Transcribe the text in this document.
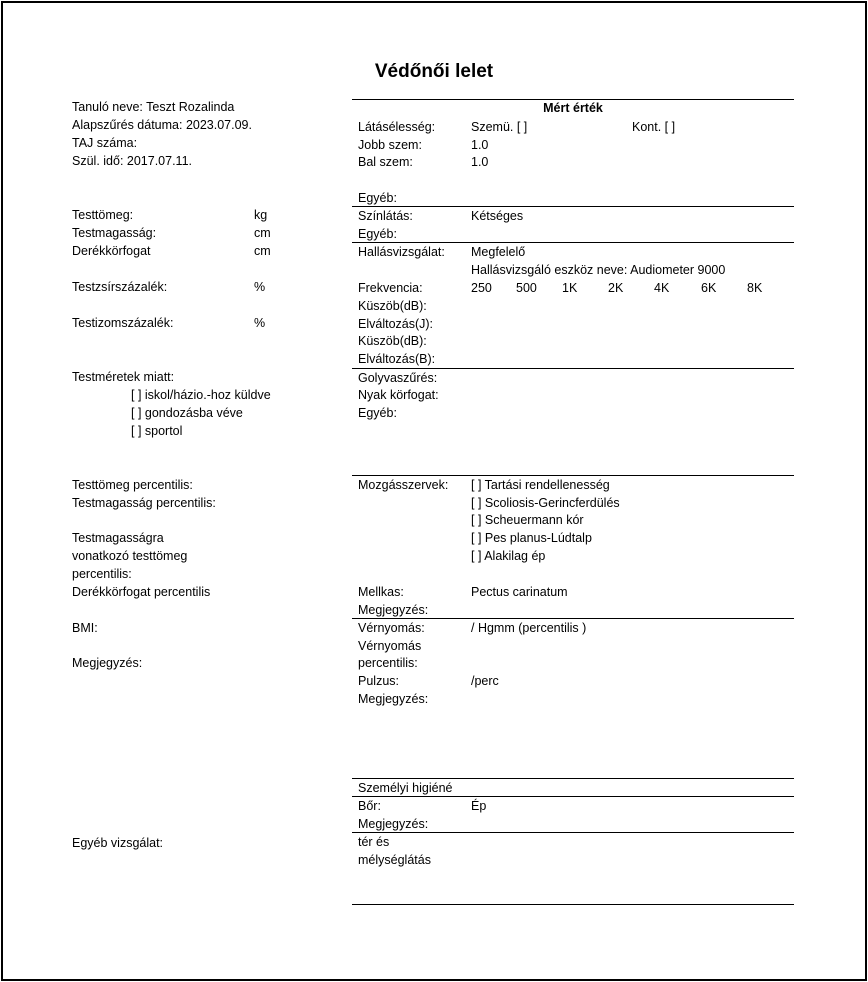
Védőnői lelet
Tanuló neve: Teszt Rozalinda
Alapszűrés dátuma: 2023.07.09.
TAJ száma:
Szül. idő: 2017.07.11.
Testtömeg:	kg
Testmagasság:	cm
Derékkörfogat	cm
Testzsírszázalék:	%
Testizomszázalék:	%
Testméretek miatt:
[ ] iskol/házio.-hoz küldve
[ ] gondozásba véve
[ ] sportol
Testtömeg percentilis:
Testmagasság percentilis:
Testmagasságra
vonatkozó testtömeg
percentilis:
Derékkörfogat percentilis
BMI:
Megjegyzés:
Egyéb vizsgálat:
Mért érték
Látásélesség:	Szemü. [ ]	Kont. [ ]
Jobb szem:	1.0
Bal szem:	1.0
Egyéb:
Színlátás:	Kétséges
Egyéb:
Hallásvizsgálat: Megfelelő
Hallásvizsgáló eszköz neve: Audiometer 9000
Frekvencia:	250 500 1K 2K 4K	6K 8K
Küszöb(dB):
Elváltozás(J):
Küszöb(dB):
Elváltozás(B):
Golyvaszűrés:
Nyak körfogat:
Egyéb:
Mozgásszervek: [ ] Tartási rendellenesség
[ ] Scoliosis-Gerincferdülés
[ ] Scheuermann kór
[ ] Pes planus-Lúdtalp
[ ] Alakilag ép
Mellkas:	Pectus carinatum
Megjegyzés:
Vérnyomás:	/ Hgmm (percentilis )
Vérnyomás
percentilis:
Pulzus:	/perc
Megjegyzés:
Személyi higiéné
Bőr:	Ép
Megjegyzés:
tér és
mélységlátás
